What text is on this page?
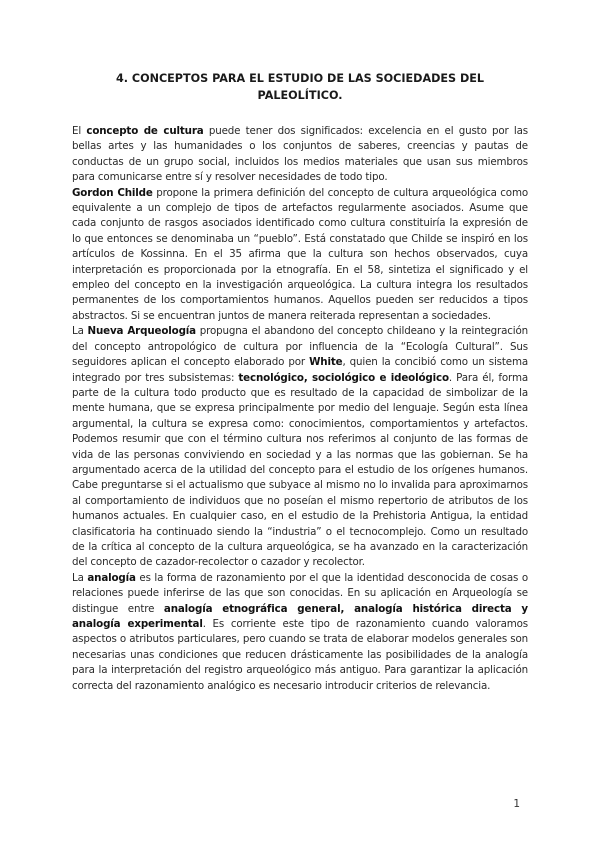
4. CONCEPTOS PARA EL ESTUDIO DE LAS SOCIEDADES DEL PALEOLÍTICO.

El concepto de cultura puede tener dos significados: excelencia en el gusto por las bellas artes y las humanidades o los conjuntos de saberes, creencias y pautas de conductas de un grupo social, incluidos los medios materiales que usan sus miembros para comunicarse entre sí y resolver necesidades de todo tipo.

Gordon Childe propone la primera definición del concepto de cultura arqueológica como equivalente a un complejo de tipos de artefactos regularmente asociados. Asume que cada conjunto de rasgos asociados identificado como cultura constituiría la expresión de lo que entonces se denominaba un “pueblo”. Está constatado que Childe se inspiró en los artículos de Kossinna. En el 35 afirma que la cultura son hechos observados, cuya interpretación es proporcionada por la etnografía. En el 58, sintetiza el significado y el empleo del concepto en la investigación arqueológica. La cultura integra los resultados permanentes de los comportamientos humanos. Aquellos pueden ser reducidos a tipos abstractos. Si se encuentran juntos de manera reiterada representan a sociedades.

La Nueva Arqueología propugna el abandono del concepto childeano y la reintegración del concepto antropológico de cultura por influencia de la “Ecología Cultural”. Sus seguidores aplican el concepto elaborado por White, quien la concibió como un sistema integrado por tres subsistemas: tecnológico, sociológico e ideológico. Para él, forma parte de la cultura todo producto que es resultado de la capacidad de simbolizar de la mente humana, que se expresa principalmente por medio del lenguaje. Según esta línea argumental, la cultura se expresa como: conocimientos, comportamientos y artefactos. Podemos resumir que con el término cultura nos referimos al conjunto de las formas de vida de las personas conviviendo en sociedad y a las normas que las gobiernan. Se ha argumentado acerca de la utilidad del concepto para el estudio de los orígenes humanos. Cabe preguntarse si el actualismo que subyace al mismo no lo invalida para aproximarnos al comportamiento de individuos que no poseían el mismo repertorio de atributos de los humanos actuales. En cualquier caso, en el estudio de la Prehistoria Antigua, la entidad clasificatoria ha continuado siendo la “industria” o el tecnocomplejo. Como un resultado de la crítica al concepto de la cultura arqueológica, se ha avanzado en la caracterización del concepto de cazador-recolector o cazador y recolector.

La analogía es la forma de razonamiento por el que la identidad desconocida de cosas o relaciones puede inferirse de las que son conocidas. En su aplicación en Arqueología se distingue entre analogía etnográfica general, analogía histórica directa y analogía experimental. Es corriente este tipo de razonamiento cuando valoramos aspectos o atributos particulares, pero cuando se trata de elaborar modelos generales son necesarias unas condiciones que reducen drásticamente las posibilidades de la analogía para la interpretación del registro arqueológico más antiguo. Para garantizar la aplicación correcta del razonamiento analógico es necesario introducir criterios de relevancia.

1
